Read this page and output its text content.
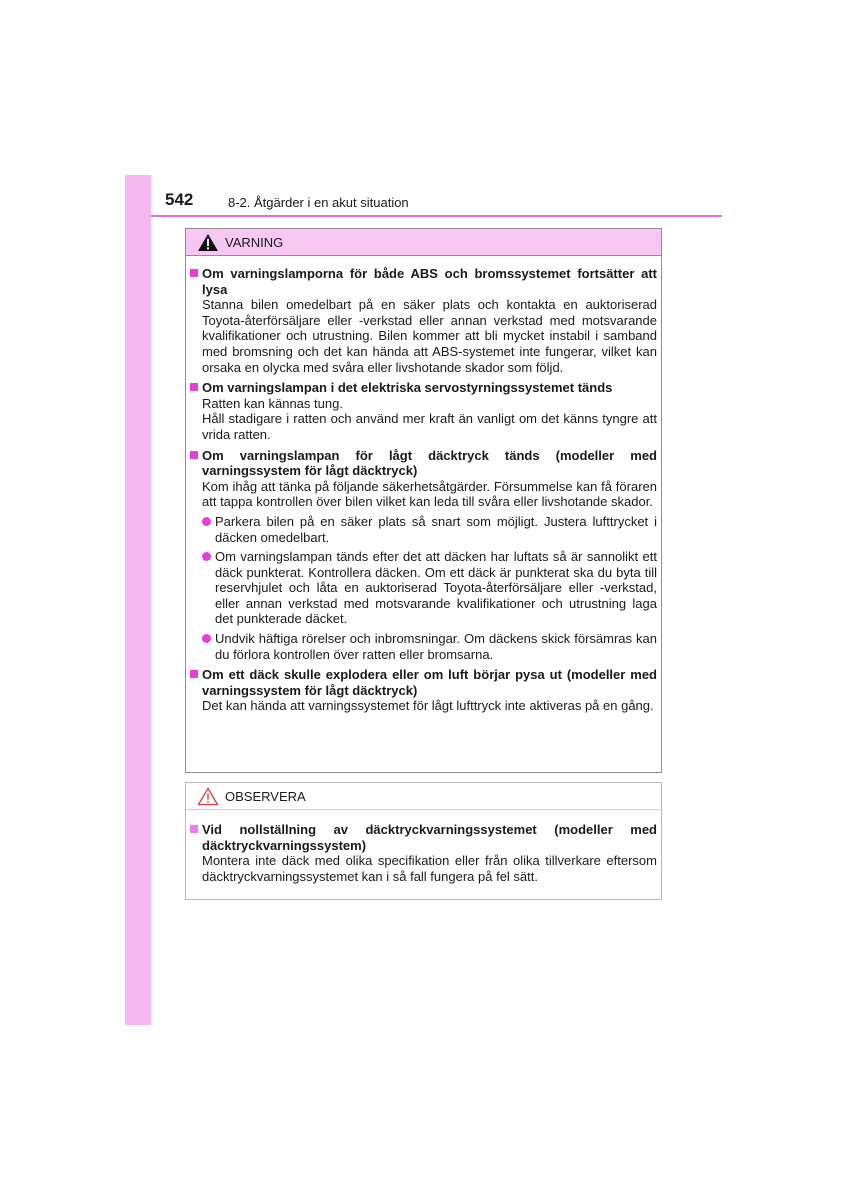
542	8-2. Åtgärder i en akut situation
VARNING
Om varningslamporna för både ABS och bromssystemet fortsätter att lysa
Stanna bilen omedelbart på en säker plats och kontakta en auktoriserad Toyota-återförsäljare eller -verkstad eller annan verkstad med motsvarande kvalifikationer och utrustning. Bilen kommer att bli mycket instabil i samband med bromsning och det kan hända att ABS-systemet inte fungerar, vilket kan orsaka en olycka med svåra eller livshotande skador som följd.
Om varningslampan i det elektriska servostyrningssystemet tänds
Ratten kan kännas tung.
Håll stadigare i ratten och använd mer kraft än vanligt om det känns tyngre att vrida ratten.
Om varningslampan för lågt däcktryck tänds (modeller med varningssystem för lågt däcktryck)
Kom ihåg att tänka på följande säkerhetsåtgärder. Försummelse kan få föraren att tappa kontrollen över bilen vilket kan leda till svåra eller livshotande skador.
Parkera bilen på en säker plats så snart som möjligt. Justera lufttrycket i däcken omedelbart.
Om varningslampan tänds efter det att däcken har luftats så är sannolikt ett däck punkterat. Kontrollera däcken. Om ett däck är punkterat ska du byta till reservhjulet och låta en auktoriserad Toyota-återförsäljare eller -verkstad, eller annan verkstad med motsvarande kvalifikationer och utrustning laga det punkterade däcket.
Undvik häftiga rörelser och inbromsningar. Om däckens skick försämras kan du förlora kontrollen över ratten eller bromsarna.
Om ett däck skulle explodera eller om luft börjar pysa ut (modeller med varningssystem för lågt däcktryck)
Det kan hända att varningssystemet för lågt lufttryck inte aktiveras på en gång.
OBSERVERA
Vid nollställning av däcktryckvarningssystemet (modeller med däcktryckvarningssystem)
Montera inte däck med olika specifikation eller från olika tillverkare eftersom däcktryckvarningssystemet kan i så fall fungera på fel sätt.
